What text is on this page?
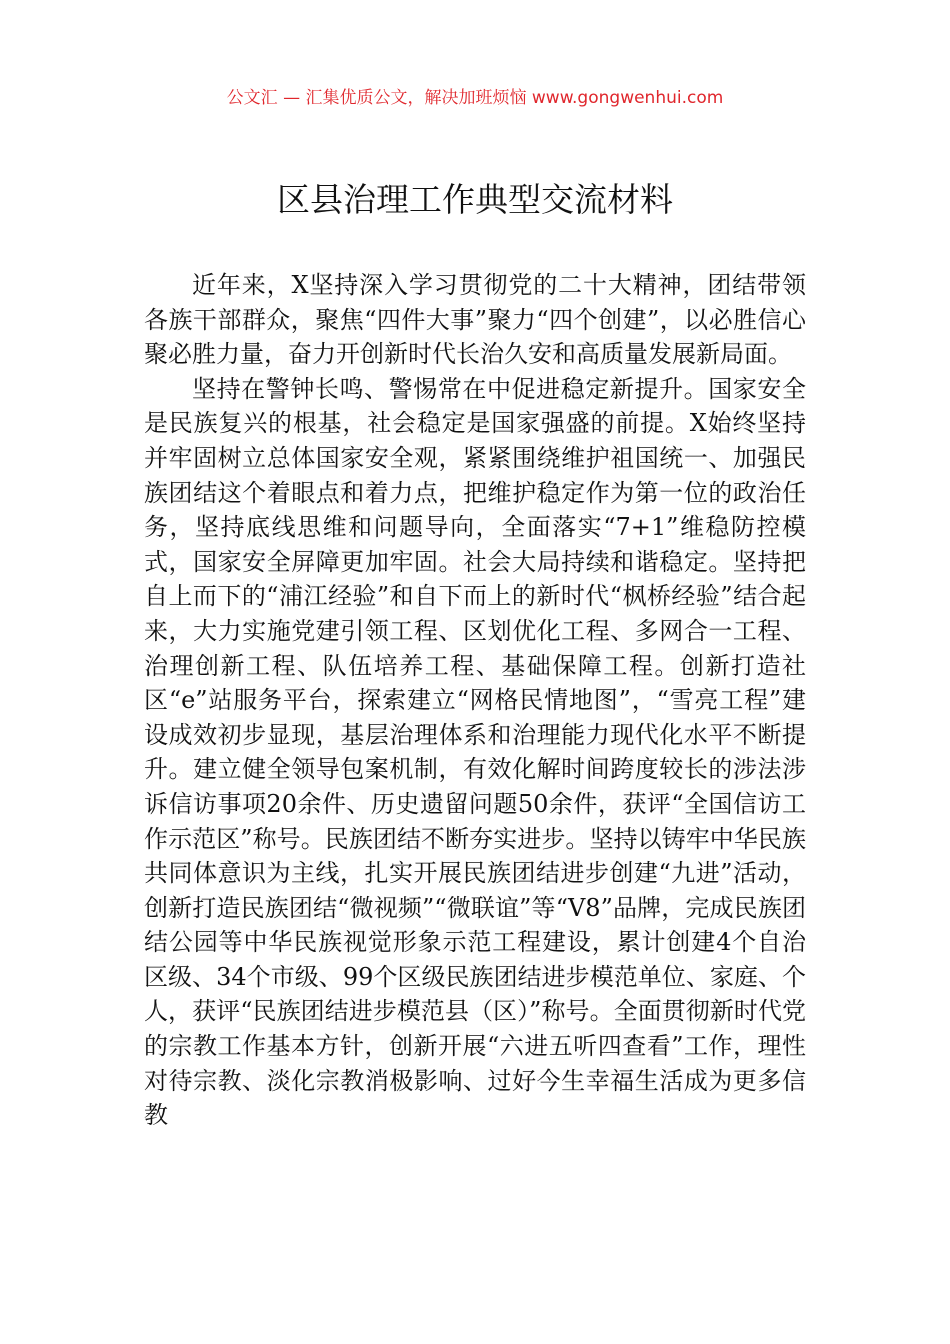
公文汇 — 汇集优质公文，解决加班烦恼 www.gongwenhui.com
区县治理工作典型交流材料

近年来，X坚持深入学习贯彻党的二十大精神，团结带领各族干部群众，聚焦“四件大事”聚力“四个创建”，以必胜信心聚必胜力量，奋力开创新时代长治久安和高质量发展新局面。

坚持在警钟长鸣、警惕常在中促进稳定新提升。国家安全是民族复兴的根基，社会稳定是国家强盛的前提。X始终坚持并牢固树立总体国家安全观，紧紧围绕维护祖国统一、加强民族团结这个着眼点和着力点，把维护稳定作为第一位的政治任务，坚持底线思维和问题导向，全面落实“7+1”维稳防控模式，国家安全屏障更加牢固。社会大局持续和谐稳定。坚持把自上而下的“浦江经验”和自下而上的新时代“枫桥经验”结合起来，大力实施党建引领工程、区划优化工程、多网合一工程、治理创新工程、队伍培养工程、基础保障工程。创新打造社区“e”站服务平台，探索建立“网格民情地图”，“雪亮工程”建设成效初步显现，基层治理体系和治理能力现代化水平不断提升。建立健全领导包案机制，有效化解时间跨度较长的涉法涉诉信访事项20余件、历史遗留问题50余件，获评“全国信访工作示范区”称号。民族团结不断夯实进步。坚持以铸牢中华民族共同体意识为主线，扎实开展民族团结进步创建“九进”活动，创新打造民族团结“微视频”“微联谊”等“V8”品牌，完成民族团结公园等中华民族视觉形象示范工程建设，累计创建4个自治区级、34个市级、99个区级民族团结进步模范单位、家庭、个人，获评“民族团结进步模范县（区）”称号。全面贯彻新时代党的宗教工作基本方针，创新开展“六进五听四查看”工作，理性对待宗教、淡化宗教消极影响、过好今生幸福生活成为更多信教
